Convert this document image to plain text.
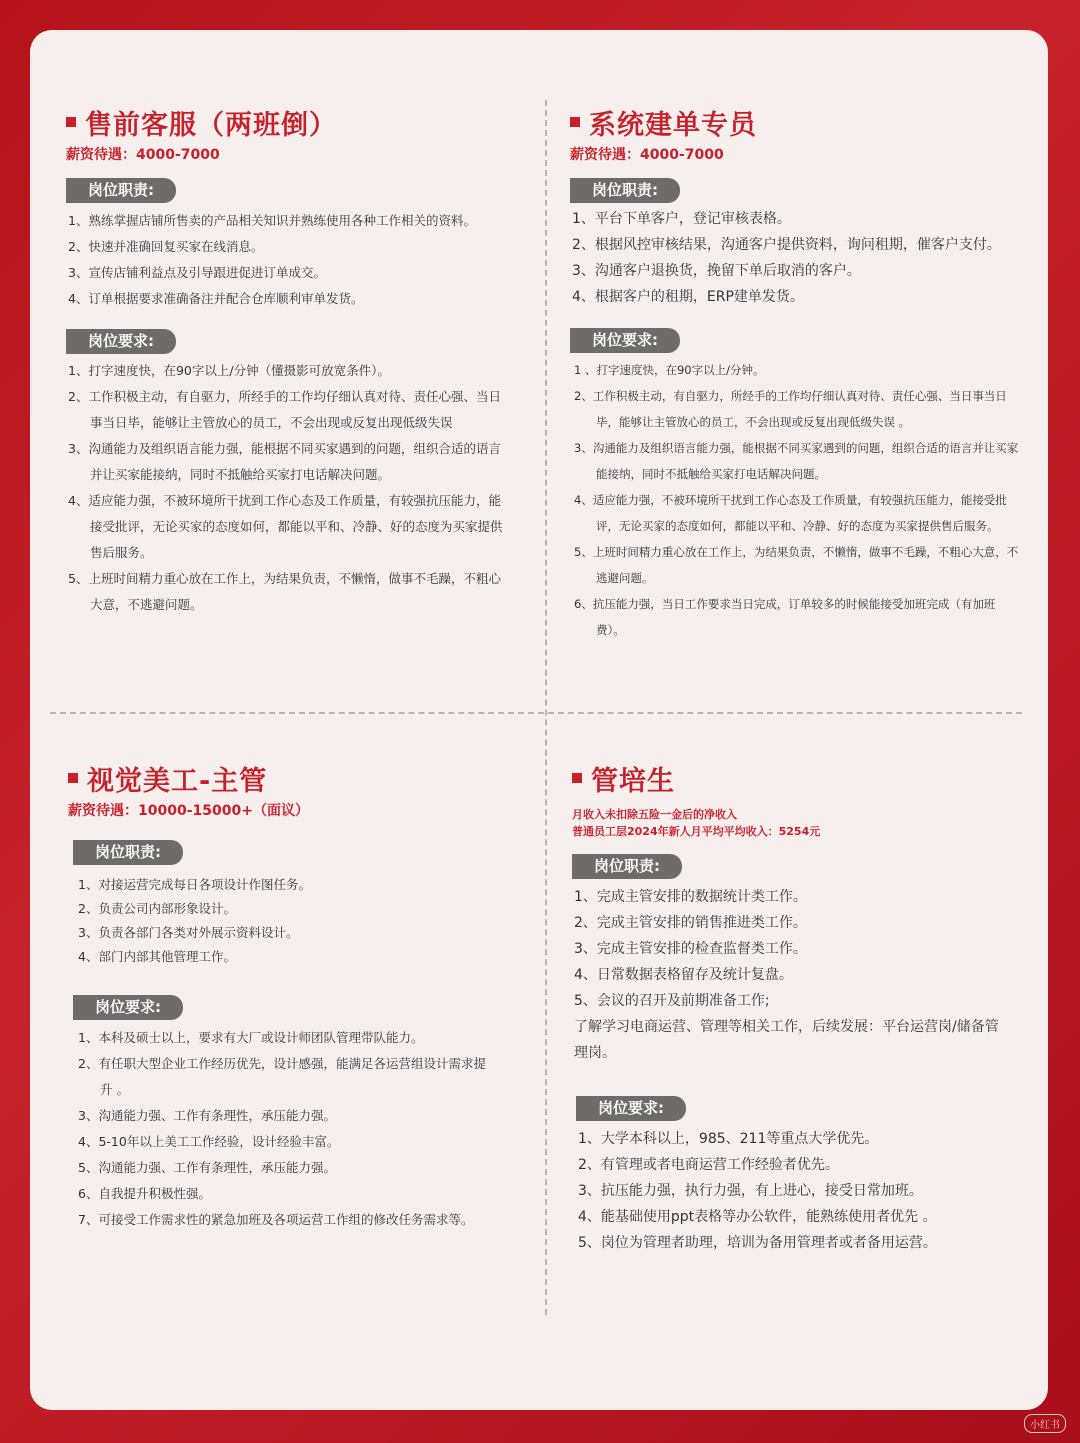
售前客服（两班倒）
薪资待遇：4000-7000
岗位职责:
1、熟练掌握店铺所售卖的产品相关知识并熟练使用各种工作相关的资料。
2、快速并准确回复买家在线消息。
3、宣传店铺利益点及引导跟进促进订单成交。
4、订单根据要求准确备注并配合仓库顺利审单发货。
岗位要求:
1、打字速度快，在90字以上/分钟（懂摄影可放宽条件）。
2、工作积极主动，有自驱力，所经手的工作均仔细认真对待、责任心强、当日事当日毕，能够让主管放心的员工，不会出现或反复出现低级失误
3、沟通能力及组织语言能力强，能根据不同买家遇到的问题，组织合适的语言并让买家能接纳，同时不抵触给买家打电话解决问题。
4、适应能力强，不被环境所干扰到工作心态及工作质量，有较强抗压能力，能接受批评，无论买家的态度如何，都能以平和、冷静、好的态度为买家提供售后服务。
5、上班时间精力重心放在工作上，为结果负责，不懒惰，做事不毛躁，不粗心大意，不逃避问题。
系统建单专员
薪资待遇：4000-7000
岗位职责:
1、平台下单客户，登记审核表格。
2、根据风控审核结果，沟通客户提供资料，询问租期，催客户支付。
3、沟通客户退换货，挽留下单后取消的客户。
4、根据客户的租期，ERP建单发货。
岗位要求:
1 、打字速度快，在90字以上/分钟。
2、工作积极主动，有自驱力，所经手的工作均仔细认真对待、责任心强、当日事当日毕，能够让主管放心的员工，不会出现或反复出现低级失误 。
3、沟通能力及组织语言能力强，能根据不同买家遇到的问题，组织合适的语言并让买家能接纳，同时不抵触给买家打电话解决问题。
4、适应能力强，不被环境所干扰到工作心态及工作质量，有较强抗压能力，能接受批评，无论买家的态度如何，都能以平和、冷静、好的态度为买家提供售后服务。
5、上班时间精力重心放在工作上，为结果负责，不懒惰，做事不毛躁，不粗心大意，不逃避问题。
6、抗压能力强，当日工作要求当日完成，订单较多的时候能接受加班完成（有加班费）。
视觉美工-主管
薪资待遇：10000-15000+（面议）
岗位职责:
1、对接运营完成每日各项设计作图任务。
2、负责公司内部形象设计。
3、负责各部门各类对外展示资料设计。
4、部门内部其他管理工作。
岗位要求:
1、本科及硕士以上，要求有大厂或设计师团队管理带队能力。
2、有任职大型企业工作经历优先，设计感强，能满足各运营组设计需求提升 。
3、沟通能力强、工作有条理性，承压能力强。
4、5-10年以上美工工作经验，设计经验丰富。
5、沟通能力强、工作有条理性，承压能力强。
6、自我提升积极性强。
7、可接受工作需求性的紧急加班及各项运营工作组的修改任务需求等。
管培生
月收入未扣除五险一金后的净收入
普通员工层2024年新人月平均平均收入：5254元
岗位职责:
1、完成主管安排的数据统计类工作。
2、完成主管安排的销售推进类工作。
3、完成主管安排的检查监督类工作。
4、日常数据表格留存及统计复盘。
5、会议的召开及前期准备工作;
了解学习电商运营、管理等相关工作，后续发展：平台运营岗/储备管理岗。
岗位要求:
1、大学本科以上，985、211等重点大学优先。
2、有管理或者电商运营工作经验者优先。
3、抗压能力强，执行力强，有上进心，接受日常加班。
4、能基础使用ppt表格等办公软件，能熟练使用者优先 。
5、岗位为管理者助理，培训为备用管理者或者备用运营。
小红书
